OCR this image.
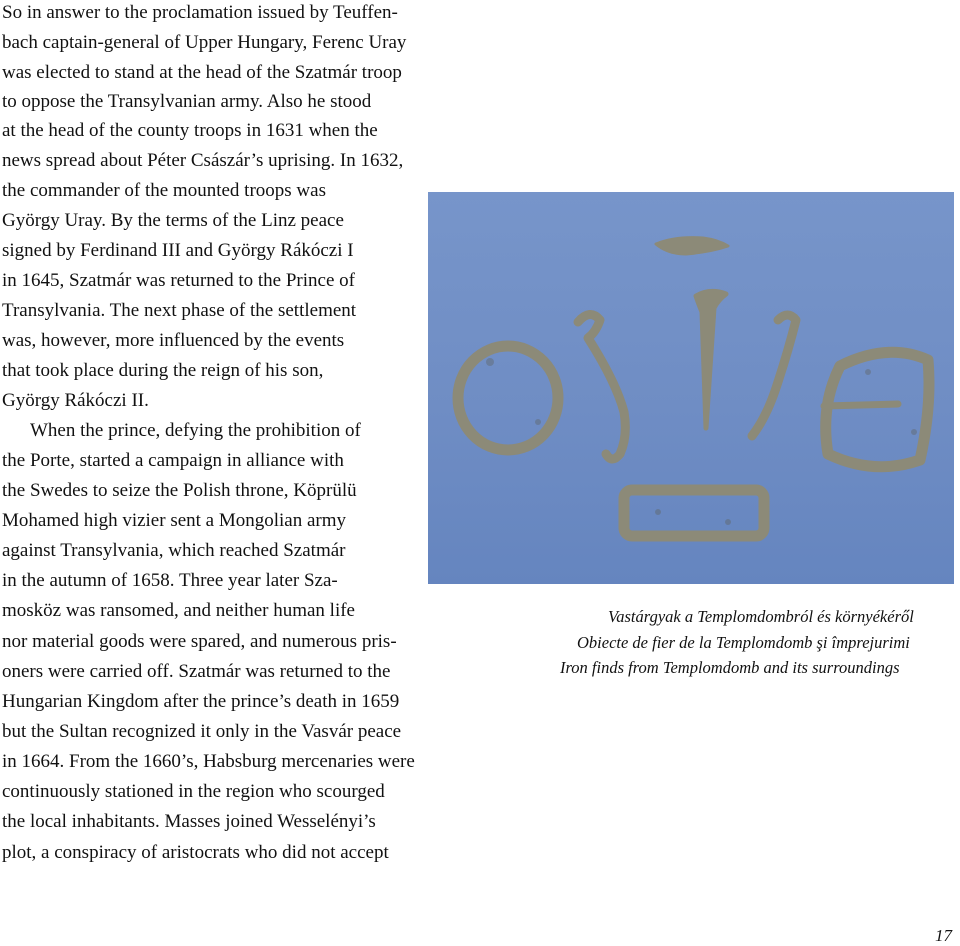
So in answer to the proclamation issued by Teuffen-
bach captain-general of Upper Hungary, Ferenc Uray
was elected to stand at the head of the Szatmár troop
to oppose the Transylvanian army. Also he stood
at the head of the county troops in 1631 when the
news spread about Péter Császár’s uprising. In 1632,
the commander of the mounted troops was
György Uray. By the terms of the Linz peace
signed by Ferdinand III and György Rákóczi I
in 1645, Szatmár was returned to the Prince of
Transylvania. The next phase of the settlement
was, however, more influenced by the events
that took place during the reign of his son,
György Rákóczi II.
When the prince, defying the prohibition of
the Porte, started a campaign in alliance with
the Swedes to seize the Polish throne, Köprülü
Mohamed high vizier sent a Mongolian army
against Transylvania, which reached Szatmár
in the autumn of 1658. Three year later Sza-
mosköz was ransomed, and neither human life
nor material goods were spared, and numerous pris-
oners were carried off. Szatmár was returned to the
Hungarian Kingdom after the prince’s death in 1659
but the Sultan recognized it only in the Vasvár peace
in 1664. From the 1660’s, Habsburg mercenaries were
continuously stationed in the region who scourged
the local inhabitants. Masses joined Wesselényi’s
plot, a conspiracy of aristocrats who did not accept
Vastárgyak a Templomdombról és környékéről
Obiecte de fier de la Templomdomb şi împrejurimi
Iron finds from Templomdomb and its surroundings
17
